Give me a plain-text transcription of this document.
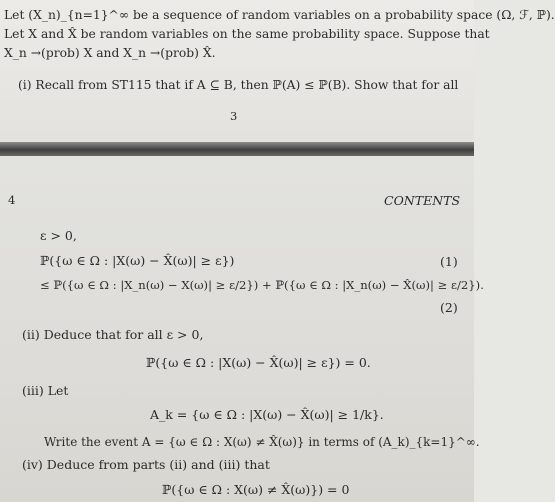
Let (X_n)_{n=1}^∞ be a sequence of random variables on a probability space (Ω, ℱ, ℙ).
Let X and X̂ be random variables on the same probability space. Suppose that
X_n →(prob) X and X_n →(prob) X̂.
(i) Recall from ST115 that if A ⊆ B, then ℙ(A) ≤ ℙ(B). Show that for all
3
4	CONTENTS
ε > 0,
ℙ({ω ∈ Ω : |X(ω) − X̂(ω)| ≥ ε})	(1)
≤ ℙ({ω ∈ Ω : |X_n(ω) − X(ω)| ≥ ε/2}) + ℙ({ω ∈ Ω : |X_n(ω) − X̂(ω)| ≥ ε/2}).
(2)
(ii) Deduce that for all ε > 0,
ℙ({ω ∈ Ω : |X(ω) − X̂(ω)| ≥ ε}) = 0.
(iii) Let
A_k = {ω ∈ Ω : |X(ω) − X̂(ω)| ≥ 1/k}.
Write the event A = {ω ∈ Ω : X(ω) ≠ X̂(ω)} in terms of (A_k)_{k=1}^∞.
(iv) Deduce from parts (ii) and (iii) that
ℙ({ω ∈ Ω : X(ω) ≠ X̂(ω)}) = 0
